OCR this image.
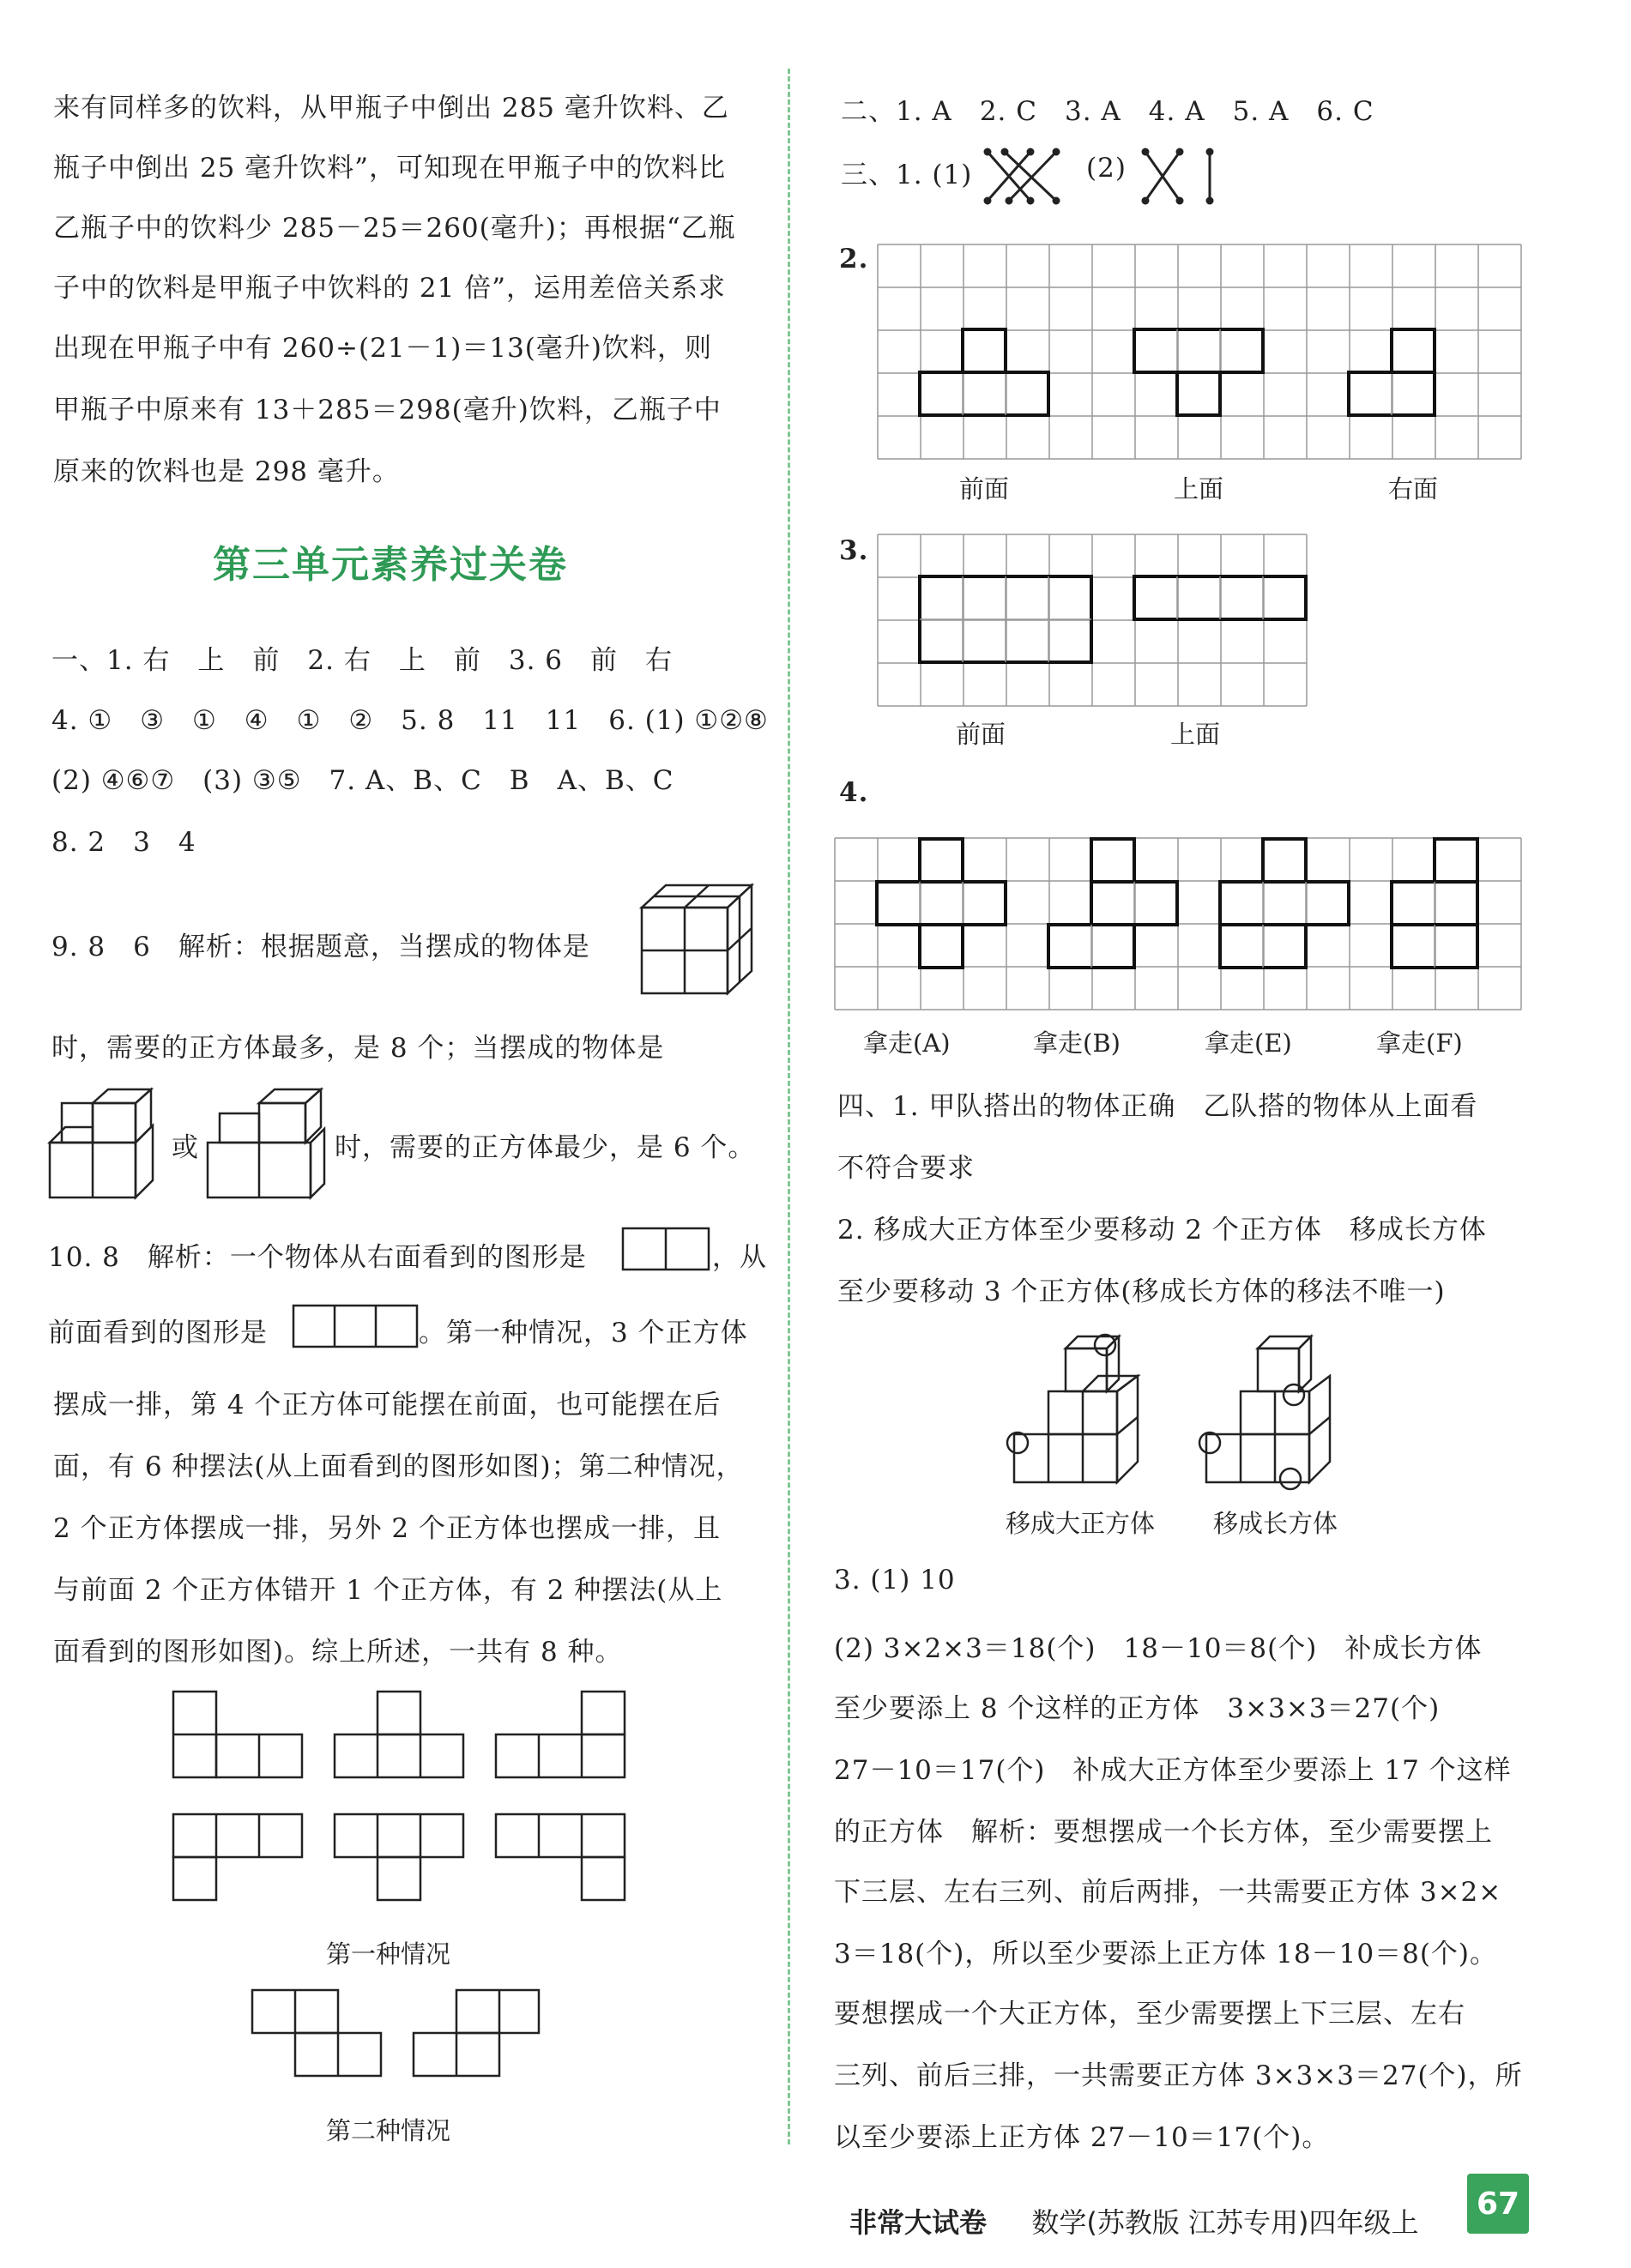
来有同样多的饮料，从甲瓶子中倒出 285 毫升饮料、乙
瓶子中倒出 25 毫升饮料”，可知现在甲瓶子中的饮料比
乙瓶子中的饮料少 285－25＝260(毫升)；再根据“乙瓶
子中的饮料是甲瓶子中饮料的 21 倍”，运用差倍关系求
出现在甲瓶子中有 260÷(21－1)＝13(毫升)饮料，则
甲瓶子中原来有 13＋285＝298(毫升)饮料，乙瓶子中
原来的饮料也是 298 毫升。
第三单元素养过关卷
一、1. 右　上　前　2. 右　上　前　3. 6　前　右
4. ①　③　①　④　①　②　5. 8　11　11　6. (1) ①②⑧
(2) ④⑥⑦　(3) ③⑤　7. A、B、C　B　A、B、C
8. 2　3　4
9. 8　6　解析：根据题意，当摆成的物体是
时，需要的正方体最多，是 8 个；当摆成的物体是
或	时，需要的正方体最少，是 6 个。
10. 8　解析：一个物体从右面看到的图形是	，从
前面看到的图形是	。第一种情况，3 个正方体
摆成一排，第 4 个正方体可能摆在前面，也可能摆在后
面，有 6 种摆法(从上面看到的图形如图)；第二种情况，
2 个正方体摆成一排，另外 2 个正方体也摆成一排，且
与前面 2 个正方体错开 1 个正方体，有 2 种摆法(从上
面看到的图形如图)。综上所述，一共有 8 种。
第一种情况
第二种情况
二、1. A　2. C　3. A　4. A　5. A　6. C
三、1. (1)	(2)
2.
前面	上面	右面
3.
前面	上面
4.
拿走(A)	拿走(B)	拿走(E)	拿走(F)
四、1. 甲队搭出的物体正确　乙队搭的物体从上面看
不符合要求
2. 移成大正方体至少要移动 2 个正方体　移成长方体
至少要移动 3 个正方体(移成长方体的移法不唯一)
移成大正方体 移成长方体
3. (1) 10
(2) 3×2×3＝18(个)　18－10＝8(个)　补成长方体
至少要添上 8 个这样的正方体　3×3×3＝27(个)
27－10＝17(个)　补成大正方体至少要添上 17 个这样
的正方体　解析：要想摆成一个长方体，至少需要摆上
下三层、左右三列、前后两排，一共需要正方体 3×2×
3＝18(个)，所以至少要添上正方体 18－10＝8(个)。
要想摆成一个大正方体，至少需要摆上下三层、左右
三列、前后三排，一共需要正方体 3×3×3＝27(个)，所
以至少要添上正方体 27－10＝17(个)。
非常大试卷 　 数学(苏教版 江苏专用)四年级上
67
